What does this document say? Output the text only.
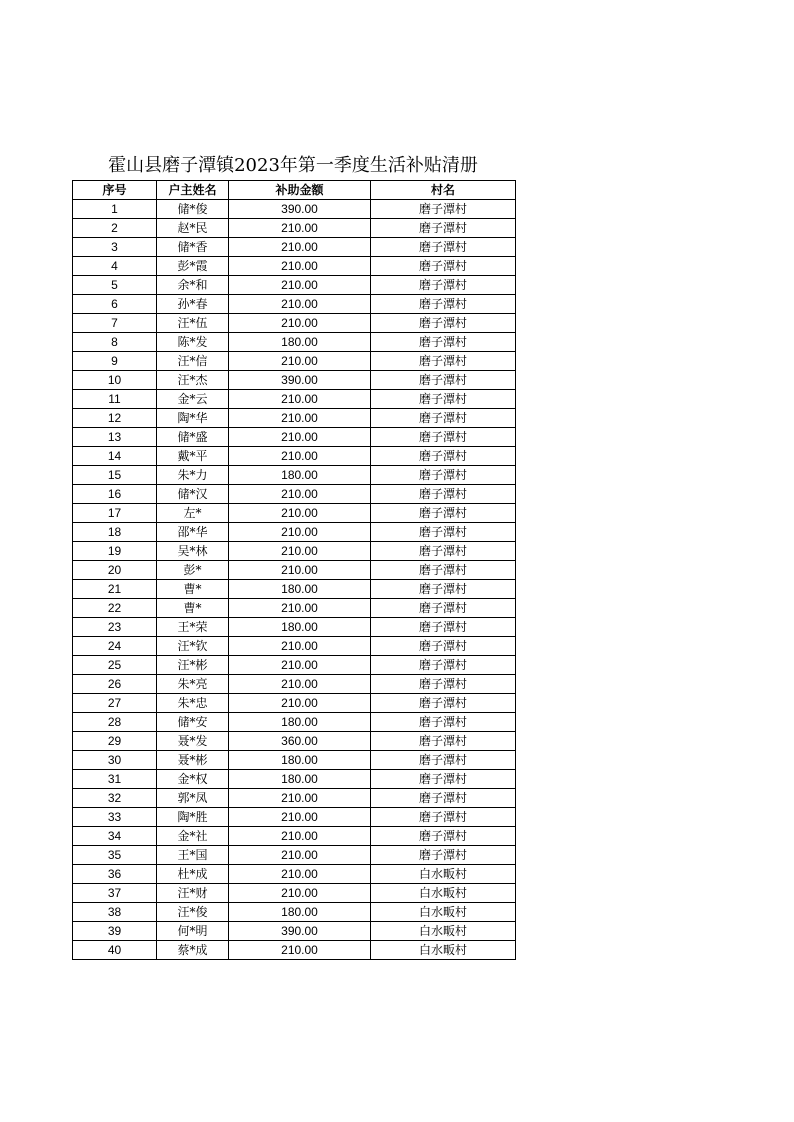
霍山县磨子潭镇2023年第一季度生活补贴清册
序号	户主姓名	补助金额	村名
1	储*俊	390.00	磨子潭村
2	赵*民	210.00	磨子潭村
3	储*香	210.00	磨子潭村
4	彭*霞	210.00	磨子潭村
5	余*和	210.00	磨子潭村
6	孙*春	210.00	磨子潭村
7	汪*伍	210.00	磨子潭村
8	陈*发	180.00	磨子潭村
9	汪*信	210.00	磨子潭村
10	汪*杰	390.00	磨子潭村
11	金*云	210.00	磨子潭村
12	陶*华	210.00	磨子潭村
13	储*盛	210.00	磨子潭村
14	戴*平	210.00	磨子潭村
15	朱*力	180.00	磨子潭村
16	储*汉	210.00	磨子潭村
17	左*	210.00	磨子潭村
18	邵*华	210.00	磨子潭村
19	吴*林	210.00	磨子潭村
20	彭*	210.00	磨子潭村
21	曹*	180.00	磨子潭村
22	曹*	210.00	磨子潭村
23	王*荣	180.00	磨子潭村
24	汪*钦	210.00	磨子潭村
25	汪*彬	210.00	磨子潭村
26	朱*亮	210.00	磨子潭村
27	朱*忠	210.00	磨子潭村
28	储*安	180.00	磨子潭村
29	聂*发	360.00	磨子潭村
30	聂*彬	180.00	磨子潭村
31	金*权	180.00	磨子潭村
32	郭*凤	210.00	磨子潭村
33	陶*胜	210.00	磨子潭村
34	金*社	210.00	磨子潭村
35	王*国	210.00	磨子潭村
36	杜*成	210.00	白水畈村
37	汪*财	210.00	白水畈村
38	汪*俊	180.00	白水畈村
39	何*明	390.00	白水畈村
40	蔡*成	210.00	白水畈村
